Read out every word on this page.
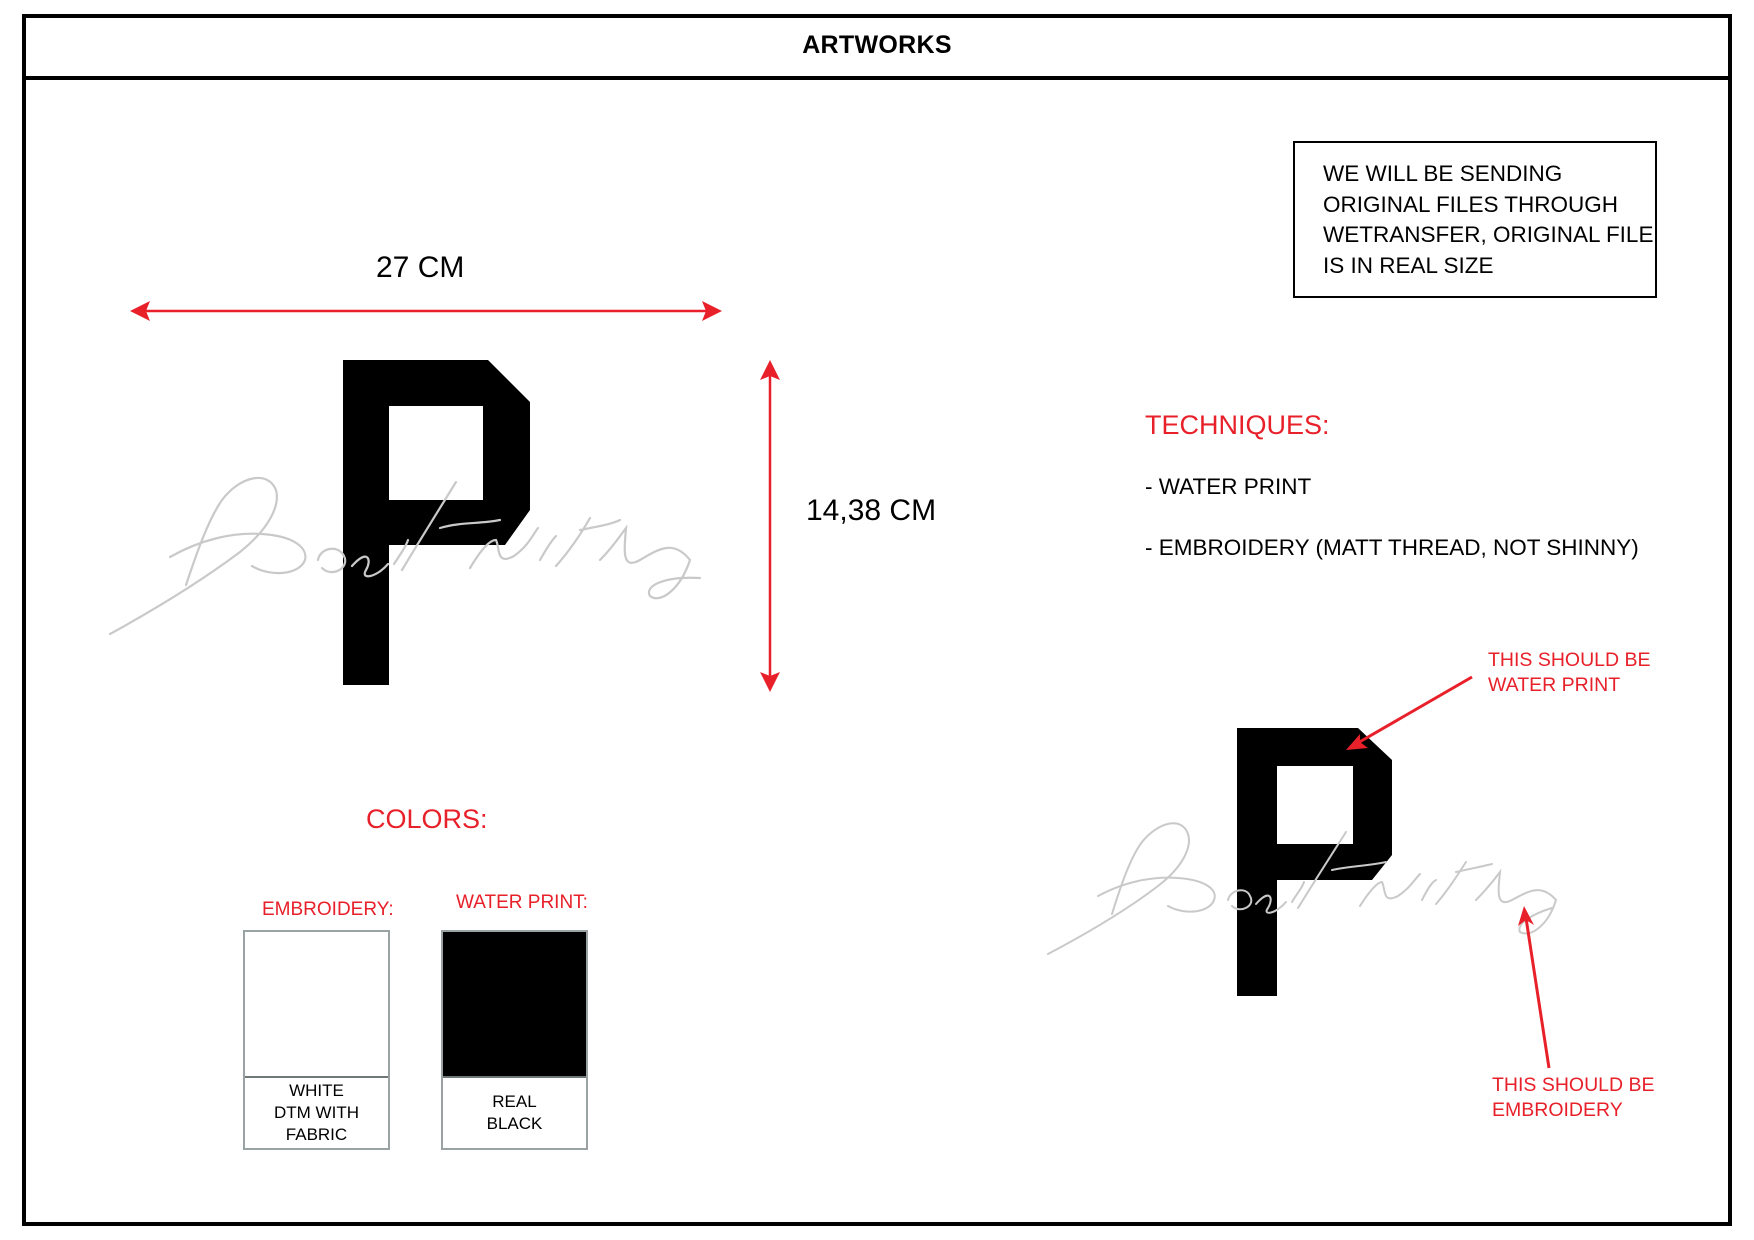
ARTWORKS
27 CM
14,38 CM
WE WILL BE SENDING
ORIGINAL FILES THROUGH
WETRANSFER, ORIGINAL FILE
IS IN REAL SIZE
TECHNIQUES:
- WATER PRINT
- EMBROIDERY (MATT THREAD, NOT SHINNY)
COLORS:
EMBROIDERY:
WHITE
DTM WITH
FABRIC
WATER PRINT:
REAL
BLACK
THIS SHOULD BE
WATER PRINT
THIS SHOULD BE
EMBROIDERY
